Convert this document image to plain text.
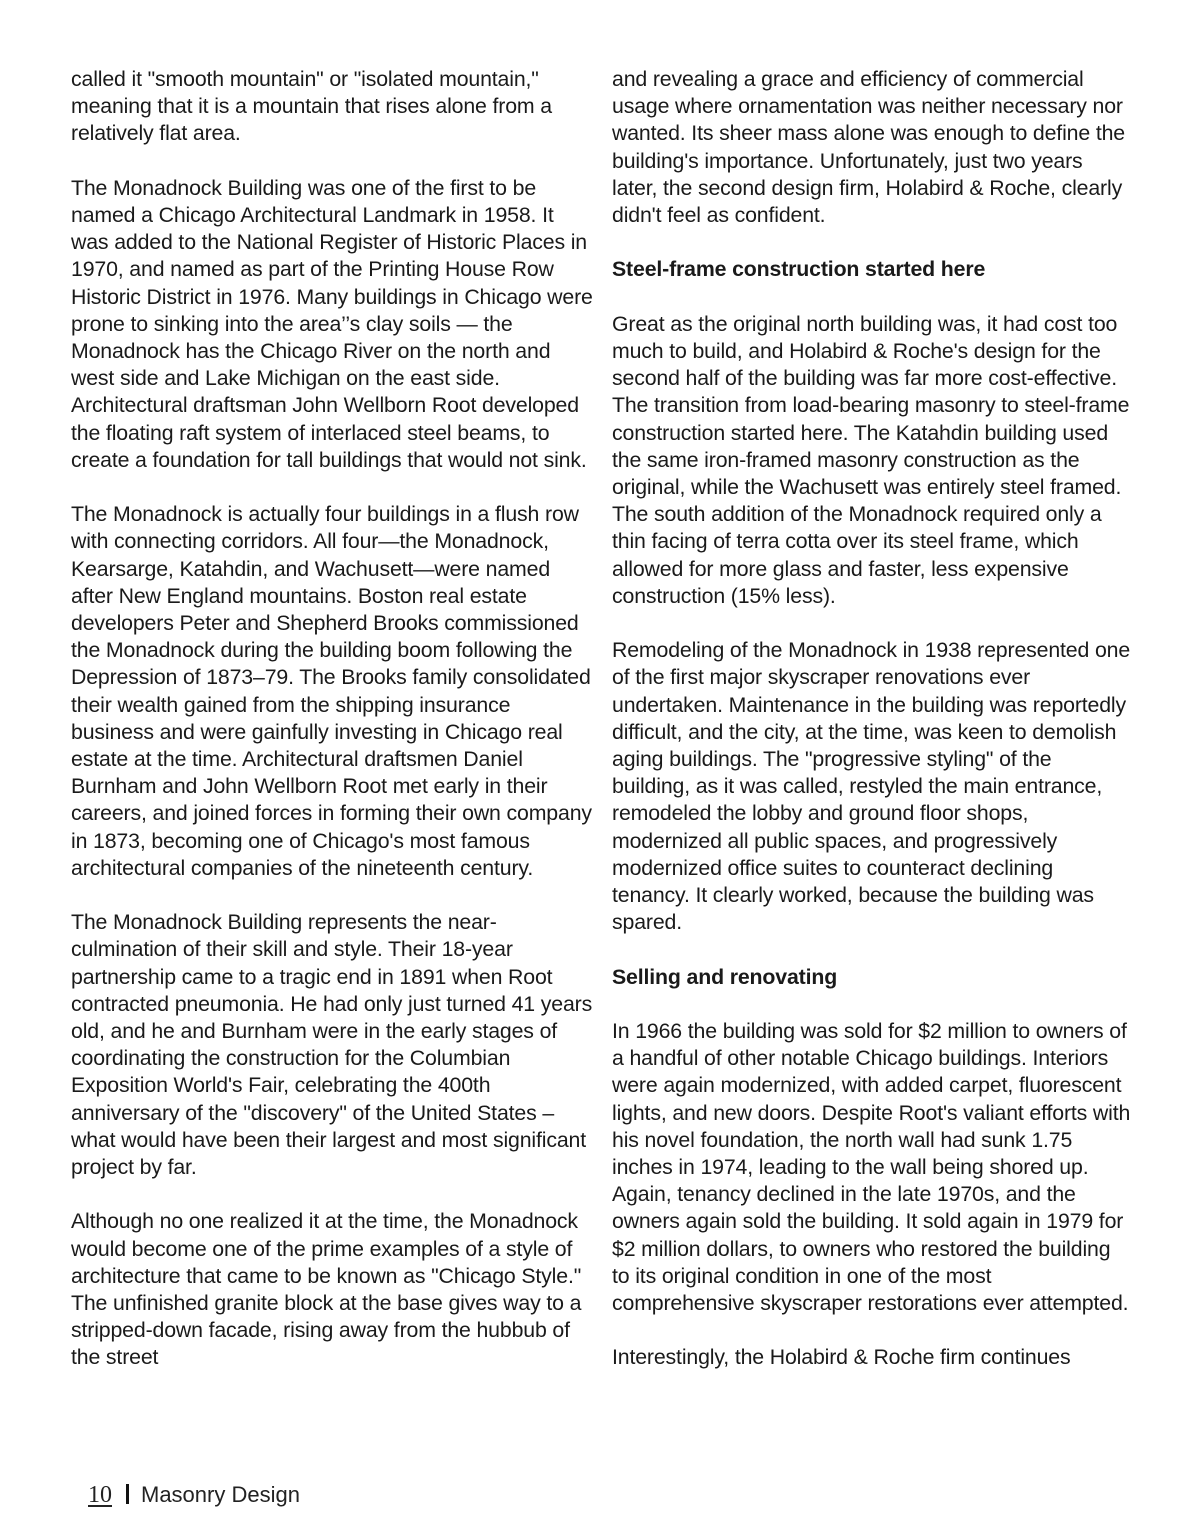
called it "smooth mountain" or "isolated mountain," meaning that it is a mountain that rises alone from a relatively flat area.

The Monadnock Building was one of the first to be named a Chicago Architectural Landmark in 1958. It was added to the National Register of Historic Places in 1970, and named as part of the Printing House Row Historic District in 1976. Many buildings in Chicago were prone to sinking into the area’’s clay soils — the Monadnock has the Chicago River on the north and west side and Lake Michigan on the east side. Architectural draftsman John Wellborn Root developed the floating raft system of interlaced steel beams, to create a foundation for tall buildings that would not sink.

The Monadnock is actually four buildings in a flush row with connecting corridors. All four—the Monadnock, Kearsarge, Katahdin, and Wachusett—were named after New England mountains. Boston real estate developers Peter and Shepherd Brooks commissioned the Monadnock during the building boom following the Depression of 1873–79. The Brooks family consolidated their wealth gained from the shipping insurance business and were gainfully investing in Chicago real estate at the time. Architectural draftsmen Daniel Burnham and John Wellborn Root met early in their careers, and joined forces in forming their own company in 1873, becoming one of Chicago's most famous architectural companies of the nineteenth century.

The Monadnock Building represents the near-culmination of their skill and style. Their 18-year partnership came to a tragic end in 1891 when Root contracted pneumonia. He had only just turned 41 years old, and he and Burnham were in the early stages of coordinating the construction for the Columbian Exposition World's Fair, celebrating the 400th anniversary of the "discovery" of the United States – what would have been their largest and most significant project by far.

Although no one realized it at the time, the Monadnock would become one of the prime examples of a style of architecture that came to be known as "Chicago Style." The unfinished granite block at the base gives way to a stripped-down facade, rising away from the hubbub of the street

and revealing a grace and efficiency of commercial usage where ornamentation was neither necessary nor wanted. Its sheer mass alone was enough to define the building's importance. Unfortunately, just two years later, the second design firm, Holabird & Roche, clearly didn't feel as confident.

Steel-frame construction started here

Great as the original north building was, it had cost too much to build, and Holabird & Roche's design for the second half of the building was far more cost-effective. The transition from load-bearing masonry to steel-frame construction started here. The Katahdin building used the same iron-framed masonry construction as the original, while the Wachusett was entirely steel framed. The south addition of the Monadnock required only a thin facing of terra cotta over its steel frame, which allowed for more glass and faster, less expensive construction (15% less).

Remodeling of the Monadnock in 1938 represented one of the first major skyscraper renovations ever undertaken. Maintenance in the building was reportedly difficult, and the city, at the time, was keen to demolish aging buildings. The "progressive styling" of the building, as it was called, restyled the main entrance, remodeled the lobby and ground floor shops, modernized all public spaces, and progressively modernized office suites to counteract declining tenancy. It clearly worked, because the building was spared.

Selling and renovating

In 1966 the building was sold for $2 million to owners of a handful of other notable Chicago buildings. Interiors were again modernized, with added carpet, fluorescent lights, and new doors. Despite Root's valiant efforts with his novel foundation, the north wall had sunk 1.75 inches in 1974, leading to the wall being shored up. Again, tenancy declined in the late 1970s, and the owners again sold the building. It sold again in 1979 for $2 million dollars, to owners who restored the building to its original condition in one of the most comprehensive skyscraper restorations ever attempted.

Interestingly, the Holabird & Roche firm continues

10 Masonry Design
